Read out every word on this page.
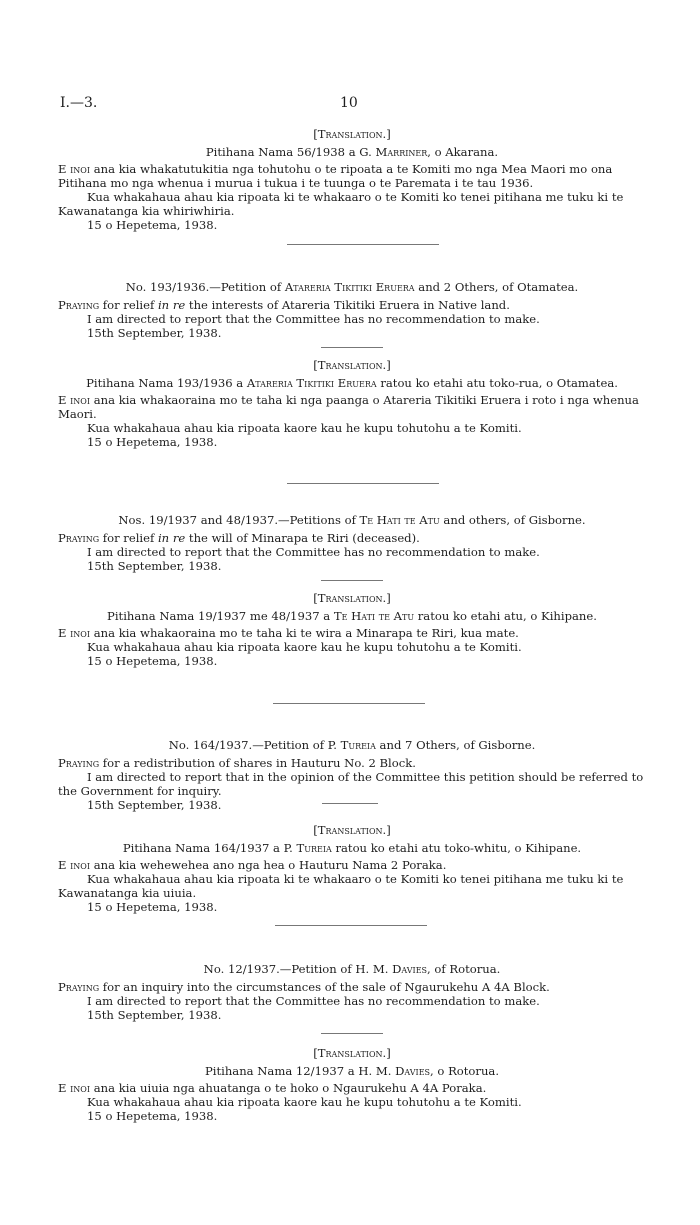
I.—3.	10

[Translation.]

Pitihana Nama 56/1938 a G. Marriner, o Akarana.

E inoi ana kia whakatutukitia nga tohutohu o te ripoata a te Komiti mo nga Mea Maori mo ona Pitihana mo nga whenua i murua i tukua i te tuunga o te Paremata i te tau 1936.

Kua whakahaua ahau kia ripoata ki te whakaaro o te Komiti ko tenei pitihana me tuku ki te Kawanatanga kia whiriwhiria.

15 o Hepetema, 1938.

No. 193/1936.—Petition of Atareria Tikitiki Eruera and 2 Others, of Otamatea.

Praying for relief in re the interests of Atareria Tikitiki Eruera in Native land.

I am directed to report that the Committee has no recommendation to make.

15th September, 1938.

[Translation.]

Pitihana Nama 193/1936 a Atareria Tikitiki Eruera ratou ko etahi atu toko-rua, o Otamatea.

E inoi ana kia whakaoraina mo te taha ki nga paanga o Atareria Tikitiki Eruera i roto i nga whenua Maori.

Kua whakahaua ahau kia ripoata kaore kau he kupu tohutohu a te Komiti.

15 o Hepetema, 1938.

Nos. 19/1937 and 48/1937.—Petitions of Te Hati te Atu and others, of Gisborne.

Praying for relief in re the will of Minarapa te Riri (deceased).

I am directed to report that the Committee has no recommendation to make.

15th September, 1938.

[Translation.]

Pitihana Nama 19/1937 me 48/1937 a Te Hati te Atu ratou ko etahi atu, o Kihipane.

E inoi ana kia whakaoraina mo te taha ki te wira a Minarapa te Riri, kua mate.

Kua whakahaua ahau kia ripoata kaore kau he kupu tohutohu a te Komiti.

15 o Hepetema, 1938.

No. 164/1937.—Petition of P. Tureia and 7 Others, of Gisborne.

Praying for a redistribution of shares in Hauturu No. 2 Block.

I am directed to report that in the opinion of the Committee this petition should be referred to the Government for inquiry.

15th September, 1938.

[Translation.]

Pitihana Nama 164/1937 a P. Tureia ratou ko etahi atu toko-whitu, o Kihipane.

E inoi ana kia wehewehea ano nga hea o Hauturu Nama 2 Poraka.

Kua whakahaua ahau kia ripoata ki te whakaaro o te Komiti ko tenei pitihana me tuku ki te Kawanatanga kia uiuia.

15 o Hepetema, 1938.

No. 12/1937.—Petition of H. M. Davies, of Rotorua.

Praying for an inquiry into the circumstances of the sale of Ngaurukehu A 4A Block.

I am directed to report that the Committee has no recommendation to make.

15th September, 1938.

[Translation.]

Pitihana Nama 12/1937 a H. M. Davies, o Rotorua.

E inoi ana kia uiuia nga ahuatanga o te hoko o Ngaurukehu A 4A Poraka.

Kua whakahaua ahau kia ripoata kaore kau he kupu tohutohu a te Komiti.

15 o Hepetema, 1938.
